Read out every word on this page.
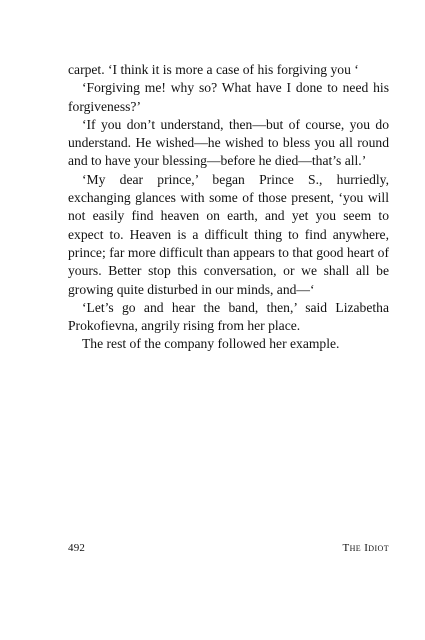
carpet. ‘I think it is more a case of his forgiving you ‘

‘Forgiving me! why so? What have I done to need his forgiveness?’

‘If you don’t understand, then—but of course, you do understand. He wished—he wished to bless you all round and to have your blessing—before he died—that’s all.’

‘My dear prince,’ began Prince S., hurriedly, exchanging glances with some of those present, ‘you will not easily find heaven on earth, and yet you seem to expect to. Heaven is a difficult thing to find anywhere, prince; far more difficult than appears to that good heart of yours. Better stop this conversation, or we shall all be growing quite disturbed in our minds, and—‘

‘Let’s go and hear the band, then,’ said Lizabetha Prokofievna, angrily rising from her place.

The rest of the company followed her example.

492	The Idiot
